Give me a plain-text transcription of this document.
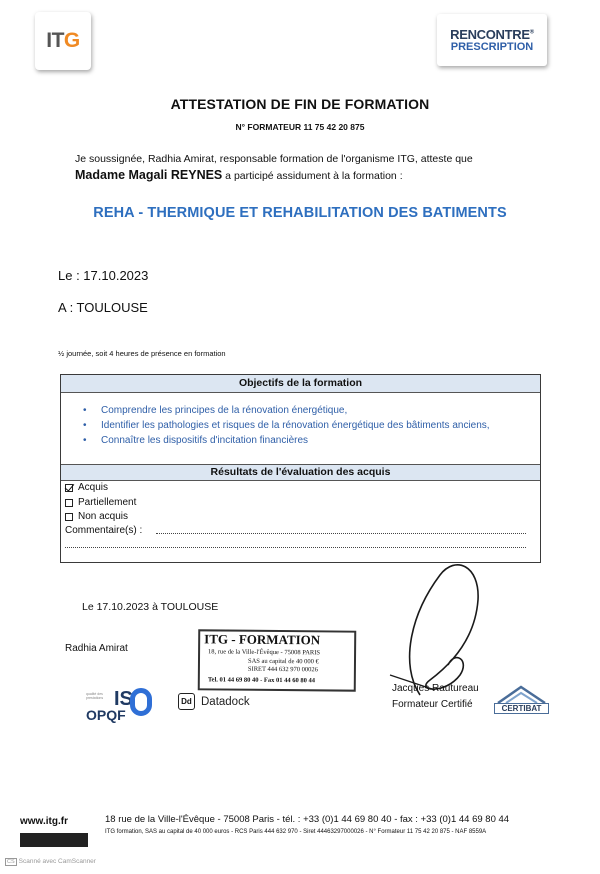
ITG	RENCONTRE®
PRESCRIPTION
ATTESTATION DE FIN DE FORMATION
N° FORMATEUR 11 75 42 20 875
Je soussignée, Radhia Amirat, responsable formation de l'organisme ITG, atteste que
Madame Magali REYNES a participé assidument à la formation :
REHA - THERMIQUE ET REHABILITATION DES BATIMENTS
Le : 17.10.2023
A : TOULOUSE
½ journée, soit 4 heures de présence en formation
Objectifs de la formation
• Comprendre les principes de la rénovation énergétique,
• Identifier les pathologies et risques de la rénovation énergétique des bâtiments anciens,
• Connaître les dispositifs d'incitation financières
Résultats de l'évaluation des acquis
Acquis
Partiellement
Non acquis
Commentaire(s) :
Le 17.10.2023 à TOULOUSE
Radhia Amirat
ITG - FORMATION
18, rue de la Ville-l'Évêque - 75008 PARIS
SAS au capital de 40 000 €
SIRET 444 632 970 00026
Tel. 01 44 69 80 40 - Fax 01 44 60 80 44
Jacques Rautureau
Formateur Certifié
qualité des prestations IS
OPQF
Dd Datadock
CERTIBAT
www.itg.fr	18 rue de la Ville-l'Évêque - 75008 Paris - tél. : +33 (0)1 44 69 80 40 - fax : +33 (0)1 44 69 80 44
ITG formation, SAS au capital de 40 000 euros - RCS Paris 444 632 970 - Siret 44463297000026 - N° Formateur 11 75 42 20 875 - NAF 8559A
CS Scanné avec CamScanner
